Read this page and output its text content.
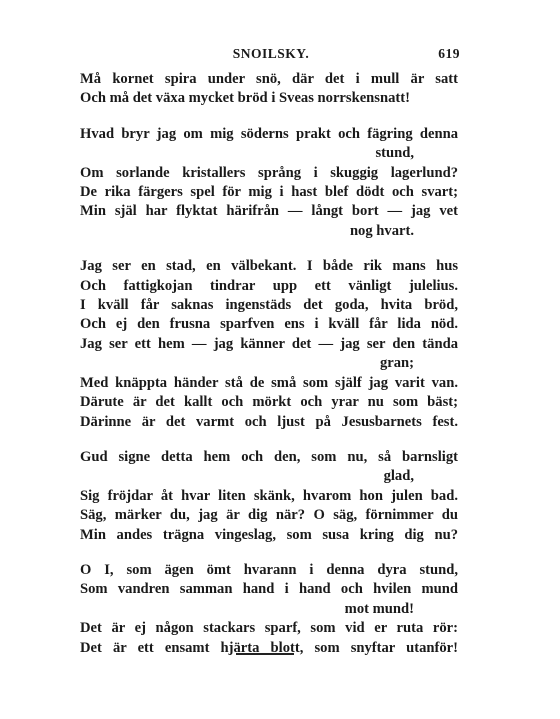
SNOILSKY.	619
Må kornet spira under snö, där det i mull är satt
Och må det växa mycket bröd i Sveas norrskensnatt!
Hvad bryr jag om mig söderns prakt och fägring denna
stund,
Om sorlande kristallers språng i skuggig lagerlund?
De rika färgers spel för mig i hast blef dödt och svart;
Min själ har flyktat härifrån — långt bort — jag vet
nog hvart.
Jag ser en stad, en välbekant. I både rik mans hus
Och fattigkojan tindrar upp ett vänligt julelius.
I kväll får saknas ingenstäds det goda, hvita bröd,
Och ej den frusna sparfven ens i kväll får lida nöd.
Jag ser ett hem — jag känner det — jag ser den tända
gran;
Med knäppta händer stå de små som själf jag varit van.
Därute är det kallt och mörkt och yrar nu som bäst;
Därinne är det varmt och ljust på Jesusbarnets fest.
Gud signe detta hem och den, som nu, så barnsligt
glad,
Sig fröjdar åt hvar liten skänk, hvarom hon julen bad.
Säg, märker du, jag är dig när? O säg, förnimmer du
Min andes trägna vingeslag, som susa kring dig nu?
O I, som ägen ömt hvarann i denna dyra stund,
Som vandren samman hand i hand och hvilen mund
mot mund!
Det är ej någon stackars sparf, som vid er ruta rör:
Det är ett ensamt hjärta blott, som snyftar utanför!
